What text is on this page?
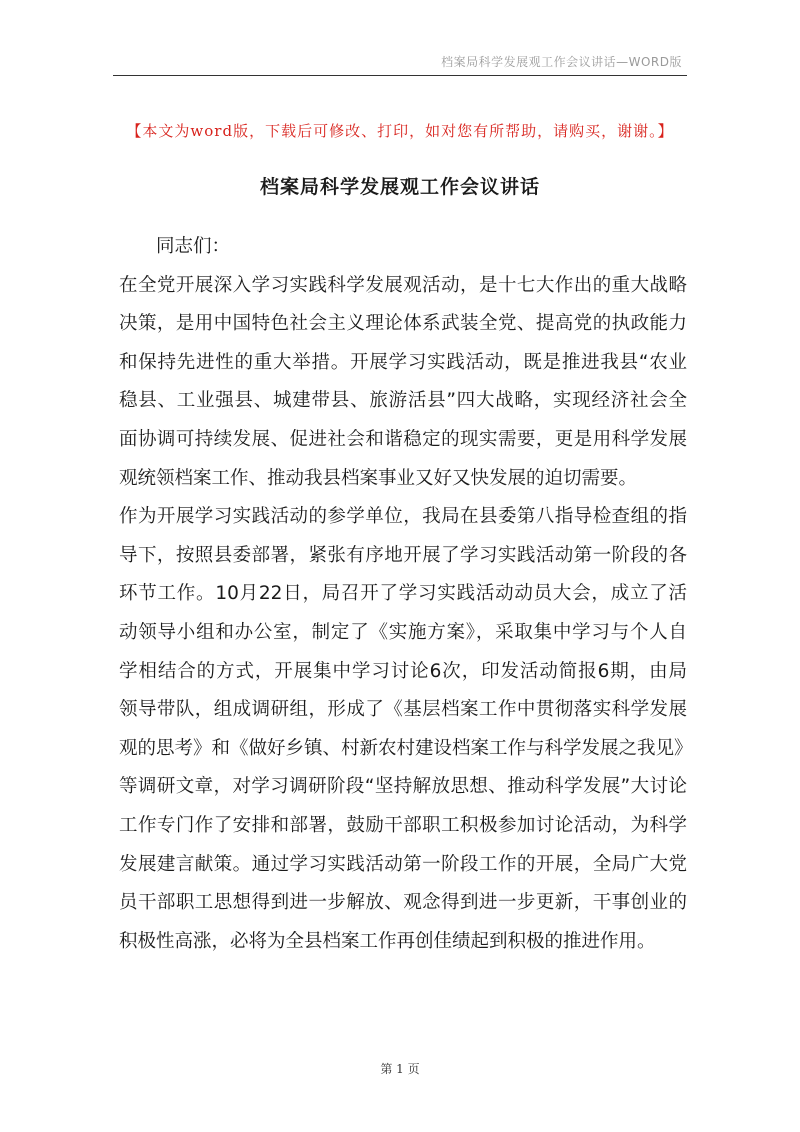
档案局科学发展观工作会议讲话—WORD版
【本文为word版，下载后可修改、打印，如对您有所帮助，请购买，谢谢。】
档案局科学发展观工作会议讲话
同志们：
在全党开展深入学习实践科学发展观活动，是十七大作出的重大战略
决策，是用中国特色社会主义理论体系武装全党、提高党的执政能力
和保持先进性的重大举措。开展学习实践活动，既是推进我县“农业
稳县、工业强县、城建带县、旅游活县”四大战略，实现经济社会全
面协调可持续发展、促进社会和谐稳定的现实需要，更是用科学发展
观统领档案工作、推动我县档案事业又好又快发展的迫切需要。
作为开展学习实践活动的参学单位，我局在县委第八指导检查组的指
导下，按照县委部署，紧张有序地开展了学习实践活动第一阶段的各
环节工作。10月22日，局召开了学习实践活动动员大会，成立了活
动领导小组和办公室，制定了《实施方案》，采取集中学习与个人自
学相结合的方式，开展集中学习讨论6次，印发活动简报6期，由局
领导带队，组成调研组，形成了《基层档案工作中贯彻落实科学发展
观的思考》和《做好乡镇、村新农村建设档案工作与科学发展之我见》
等调研文章，对学习调研阶段“坚持解放思想、推动科学发展”大讨论
工作专门作了安排和部署，鼓励干部职工积极参加讨论活动，为科学
发展建言献策。通过学习实践活动第一阶段工作的开展，全局广大党
员干部职工思想得到进一步解放、观念得到进一步更新，干事创业的
积极性高涨，必将为全县档案工作再创佳绩起到积极的推进作用。
第 1 页
